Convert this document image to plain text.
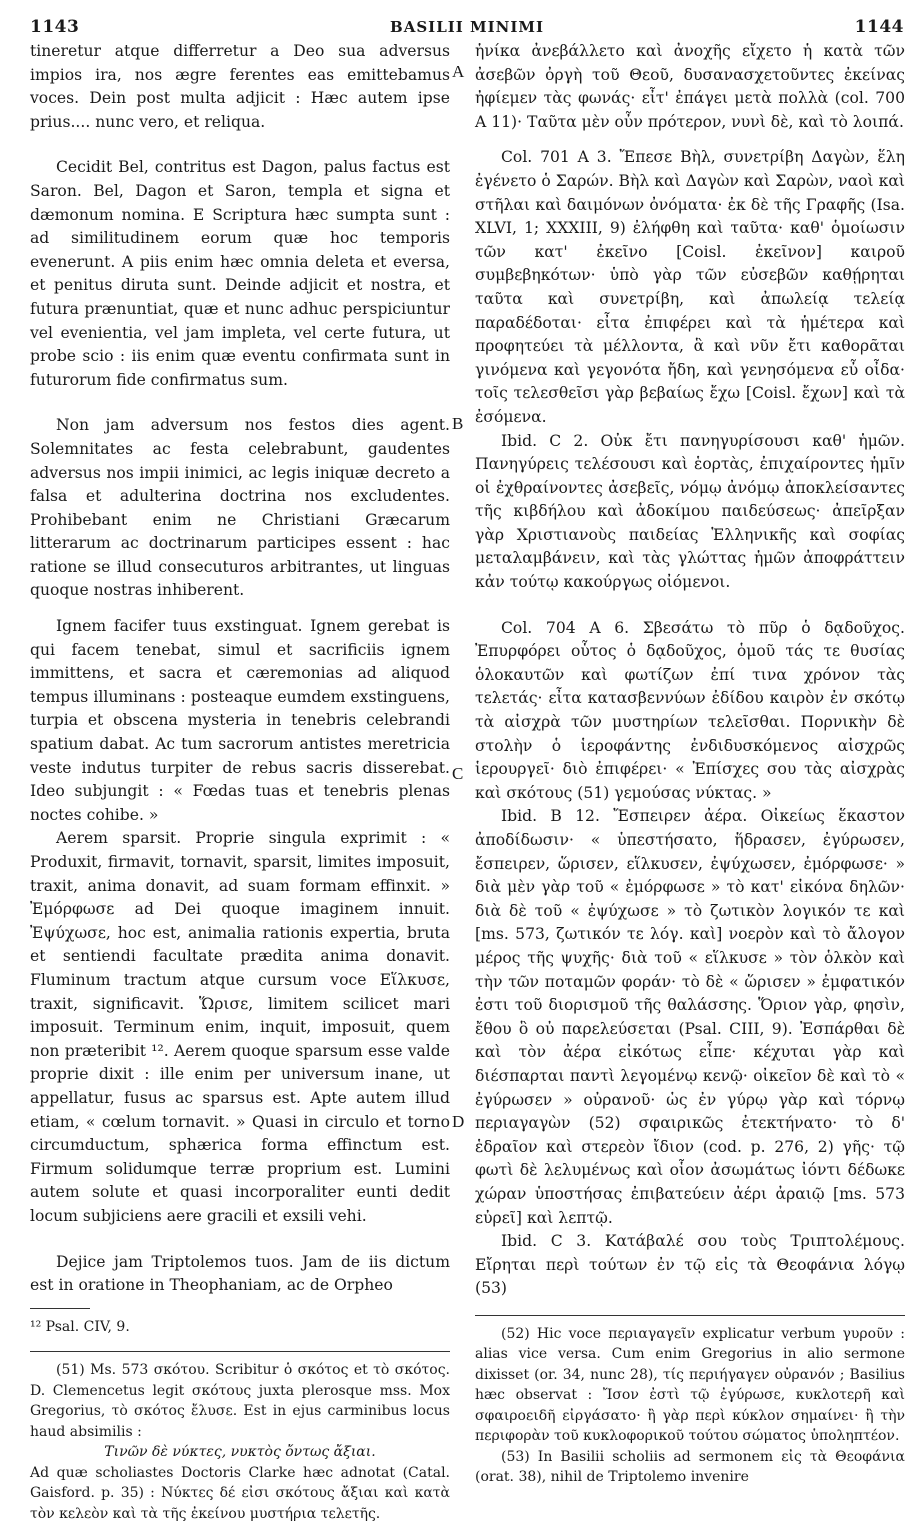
1143	BASILII MINIMI	1144
A
B
C
D

tineretur atque differretur a Deo sua adversus impios ira, nos ægre ferentes eas emittebamus voces. Dein post multa adjicit : Hæc autem ipse prius.... nunc vero, et reliqua.

Cecidit Bel, contritus est Dagon, palus factus est Saron. Bel, Dagon et Saron, templa et signa et dæmonum nomina. E Scriptura hæc sumpta sunt : ad similitudinem eorum quæ hoc temporis evenerunt. A piis enim hæc omnia deleta et eversa, et penitus diruta sunt. Deinde adjicit et nostra, et futura prænuntiat, quæ et nunc adhuc perspiciuntur vel evenientia, vel jam impleta, vel certe futura, ut probe scio : iis enim quæ eventu confirmata sunt in futurorum fide confirmatus sum.

Non jam adversum nos festos dies agent. Solemnitates ac festa celebrabunt, gaudentes adversus nos impii inimici, ac legis iniquæ decreto a falsa et adulterina doctrina nos excludentes. Prohibebant enim ne Christiani Græcarum litterarum ac doctrinarum participes essent : hac ratione se illud consecuturos arbitrantes, ut linguas quoque nostras inhiberent.

Ignem facifer tuus exstinguat. Ignem gerebat is qui facem tenebat, simul et sacrificiis ignem immittens, et sacra et cæremonias ad aliquod tempus illuminans : posteaque eumdem exstinguens, turpia et obscena mysteria in tenebris celebrandi spatium dabat. Ac tum sacrorum antistes meretricia veste indutus turpiter de rebus sacris disserebat. Ideo subjungit : « Fœdas tuas et tenebris plenas noctes cohibe. »

Aerem sparsit. Proprie singula exprimit : « Produxit, firmavit, tornavit, sparsit, limites imposuit, traxit, anima donavit, ad suam formam effinxit. » Ἐμόρφωσε ad Dei quoque imaginem innuit. Ἐψύχωσε, hoc est, animalia rationis expertia, bruta et sentiendi facultate prædita anima donavit. Fluminum tractum atque cursum voce Εἵλκυσε, traxit, significavit. Ὥρισε, limitem scilicet mari imposuit. Terminum enim, inquit, imposuit, quem non præteribit ¹². Aerem quoque sparsum esse valde proprie dixit : ille enim per universum inane, ut appellatur, fusus ac sparsus est. Apte autem illud etiam, « cœlum tornavit. » Quasi in circulo et torno circumductum, sphærica forma effinctum est. Firmum solidumque terræ proprium est. Lumini autem solute et quasi incorporaliter eunti dedit locum subjiciens aere gracili et exsili vehi.

Dejice jam Triptolemos tuos. Jam de iis dictum est in oratione in Theophaniam, ac de Orpheo

¹² Psal. CIV, 9.

(51) Ms. 573 σκότου. Scribitur ὁ σκότος et τὸ σκότος. D. Clemencetus legit σκότους juxta plerosque mss. Mox Gregorius, τὸ σκότος ἔλυσε. Est in ejus carminibus locus haud absimilis :

Τινῶν δὲ νύκτες, νυκτὸς ὄντως ἄξιαι.

Ad quæ scholiastes Doctoris Clarke hæc adnotat (Catal. Gaisford. p. 35) : Νύκτες δέ εἰσι σκότους ἄξιαι καὶ κατὰ τὸν κελεὸν καὶ τὰ τῆς ἐκείνου μυστήρια τελετῆς.

ἡνίκα ἀνεβάλλετο καὶ ἀνοχῆς εἴχετο ἡ κατὰ τῶν ἀσεβῶν ὀργὴ τοῦ Θεοῦ, δυσανασχετοῦντες ἐκείνας ἠφίεμεν τὰς φωνάς· εἶτ' ἐπάγει μετὰ πολλὰ (col. 700 A 11)· Ταῦτα μὲν οὖν πρότερον, νυνὶ δὲ, καὶ τὸ λοιπά.

Col. 701 A 3. Ἔπεσε Βὴλ, συνετρίβη Δαγὼν, ἕλη ἐγένετο ὁ Σαρών. Βὴλ καὶ Δαγὼν καὶ Σαρὼν, ναοὶ καὶ στῆλαι καὶ δαιμόνων ὀνόματα· ἐκ δὲ τῆς Γραφῆς (Isa. XLVI, 1; XXXIII, 9) ἐλήφθη καὶ ταῦτα· καθ' ὁμοίωσιν τῶν κατ' ἐκεῖνο [Coisl. ἐκεῖνον] καιροῦ συμβεβηκότων· ὑπὸ γὰρ τῶν εὐσεβῶν καθῄρηται ταῦτα καὶ συνετρίβη, καὶ ἀπωλείᾳ τελείᾳ παραδέδοται· εἶτα ἐπιφέρει καὶ τὰ ἡμέτερα καὶ προφητεύει τὰ μέλλοντα, ἃ καὶ νῦν ἔτι καθορᾶται γινόμενα καὶ γεγονότα ἤδη, καὶ γενησόμενα εὖ οἶδα· τοῖς τελεσθεῖσι γὰρ βεβαίως ἔχω [Coisl. ἔχων] καὶ τὰ ἐσόμενα.

Ibid. C 2. Οὐκ ἔτι πανηγυρίσουσι καθ' ἡμῶν. Πανηγύρεις τελέσουσι καὶ ἑορτὰς, ἐπιχαίροντες ἡμῖν οἱ ἐχθραίνοντες ἀσεβεῖς, νόμῳ ἀνόμῳ ἀποκλείσαντες τῆς κιβδήλου καὶ ἀδοκίμου παιδεύσεως· ἀπεῖρξαν γὰρ Χριστιανοὺς παιδείας Ἑλληνικῆς καὶ σοφίας μεταλαμβάνειν, καὶ τὰς γλώττας ἡμῶν ἀποφράττειν κἀν τούτῳ κακούργως οἰόμενοι.

Col. 704 A 6. Σβεσάτω τὸ πῦρ ὁ δᾳδοῦχος. Ἐπυρφόρει οὗτος ὁ δᾳδοῦχος, ὁμοῦ τάς τε θυσίας ὁλοκαυτῶν καὶ φωτίζων ἐπί τινα χρόνον τὰς τελετάς· εἶτα κατασβεννύων ἐδίδου καιρὸν ἐν σκότῳ τὰ αἰσχρὰ τῶν μυστηρίων τελεῖσθαι. Πορνικὴν δὲ στολὴν ὁ ἱεροφάντης ἐνδιδυσκόμενος αἰσχρῶς ἱερουργεῖ· διὸ ἐπιφέρει· « Ἐπίσχες σου τὰς αἰσχρὰς καὶ σκότους (51) γεμούσας νύκτας. »

Ibid. B 12. Ἔσπειρεν ἀέρα. Οἰκείως ἕκαστον ἀποδίδωσιν· « ὑπεστήσατο, ἥδρασεν, ἐγύρωσεν, ἔσπειρεν, ὥρισεν, εἵλκυσεν, ἐψύχωσεν, ἐμόρφωσε· » διὰ μὲν γὰρ τοῦ « ἐμόρφωσε » τὸ κατ' εἰκόνα δηλῶν· διὰ δὲ τοῦ « ἐψύχωσε » τὸ ζωτικὸν λογικόν τε καὶ [ms. 573, ζωτικόν τε λόγ. καὶ] νοερὸν καὶ τὸ ἄλογον μέρος τῆς ψυχῆς· διὰ τοῦ « εἵλκυσε » τὸν ὁλκὸν καὶ τὴν τῶν ποταμῶν φοράν· τὸ δὲ « ὥρισεν » ἐμφατικόν ἐστι τοῦ διορισμοῦ τῆς θαλάσσης. Ὅριον γὰρ, φησὶν, ἔθου ὃ οὐ παρελεύσεται (Psal. CIII, 9). Ἐσπάρθαι δὲ καὶ τὸν ἀέρα εἰκότως εἶπε· κέχυται γὰρ καὶ διέσπαρται παντὶ λεγομένῳ κενῷ· οἰκεῖον δὲ καὶ τὸ « ἐγύρωσεν » οὐρανοῦ· ὡς ἐν γύρῳ γὰρ καὶ τόρνῳ περιαγαγὼν (52) σφαιρικῶς ἐτεκτήνατο· τὸ δ' ἑδραῖον καὶ στερεὸν ἴδιον (cod. p. 276, 2) γῆς· τῷ φωτὶ δὲ λελυμένως καὶ οἷον ἀσωμάτως ἰόντι δέδωκε χώραν ὑποστήσας ἐπιβατεύειν ἀέρι ἀραιῷ [ms. 573 εὐρεῖ] καὶ λεπτῷ.

Ibid. C 3. Κατάβαλέ σου τοὺς Τριπτολέμους. Εἴρηται περὶ τούτων ἐν τῷ εἰς τὰ Θεοφάνια λόγῳ (53)

(52) Hic voce περιαγαγεῖν explicatur verbum γυροῦν : alias vice versa. Cum enim Gregorius in alio sermone dixisset (or. 34, nunc 28), τίς περιήγαγεν οὐρανόν ; Basilius hæc observat : Ἴσον ἐστὶ τῷ ἐγύρωσε, κυκλοτερῆ καὶ σφαιροειδῆ εἰργάσατο· ἢ γὰρ περὶ κύκλον σημαίνει· ἢ τὴν περιφορὰν τοῦ κυκλοφορικοῦ τούτου σώματος ὑποληπτέον.

(53) In Basilii scholiis ad sermonem εἰς τὰ Θεοφάνια (orat. 38), nihil de Triptolemo invenire
